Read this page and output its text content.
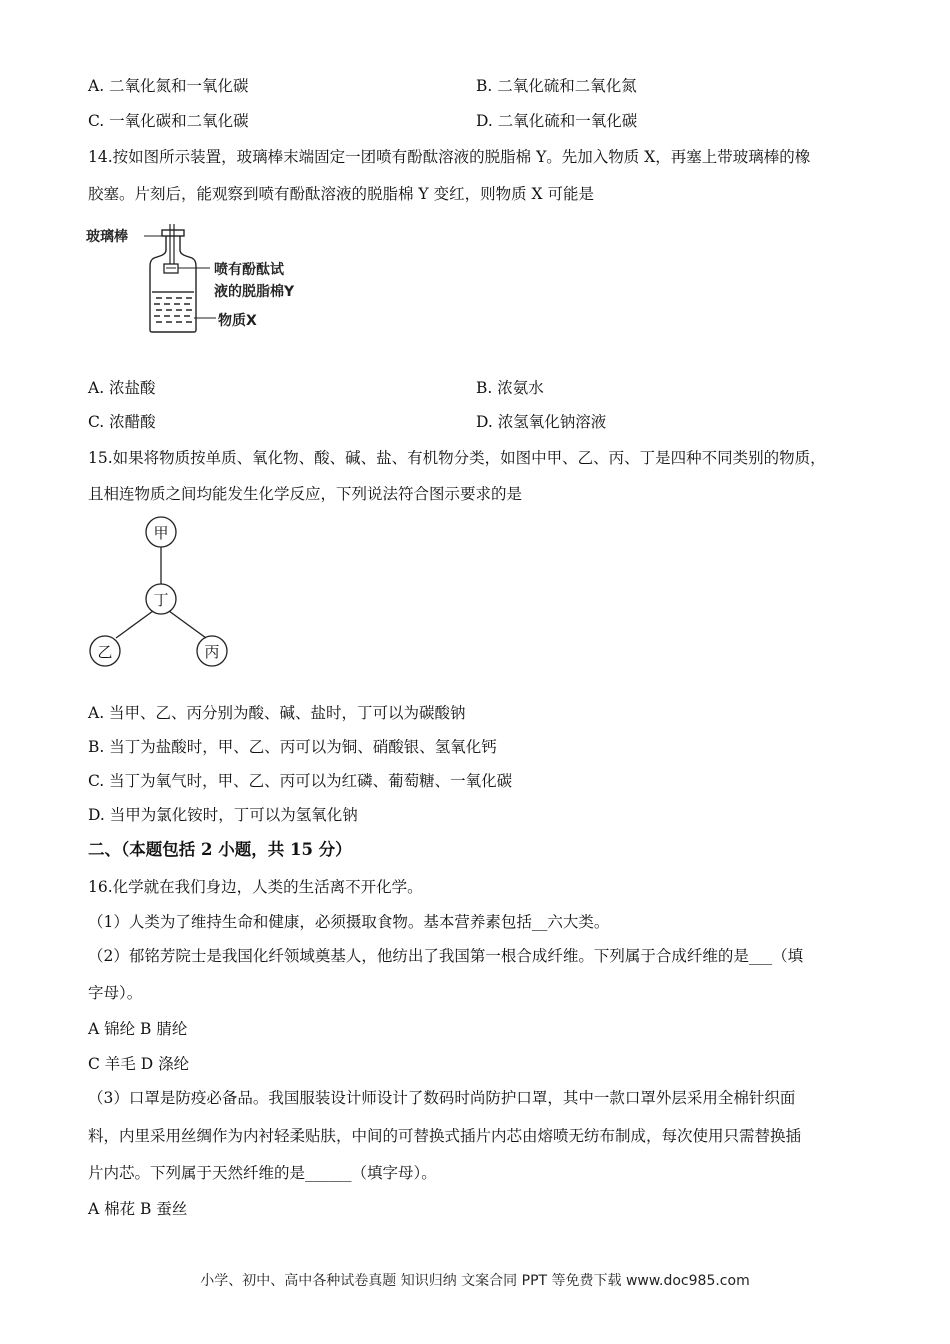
A. 二氧化氮和一氧化碳	B. 二氧化硫和二氧化氮
C. 一氧化碳和二氧化碳	D. 二氧化硫和一氧化碳
14.按如图所示装置，玻璃棒末端固定一团喷有酚酞溶液的脱脂棉 Y。先加入物质 X，再塞上带玻璃棒的橡
胶塞。片刻后，能观察到喷有酚酞溶液的脱脂棉 Y 变红，则物质 X 可能是
玻璃棒
喷有酚酞试
液的脱脂棉Y
物质X
A. 浓盐酸	B. 浓氨水
C. 浓醋酸	D. 浓氢氧化钠溶液
15.如果将物质按单质、氧化物、酸、碱、盐、有机物分类，如图中甲、乙、丙、丁是四种不同类别的物质，
且相连物质之间均能发生化学反应，下列说法符合图示要求的是
甲
丁
乙	丙
A. 当甲、乙、丙分别为酸、碱、盐时，丁可以为碳酸钠
B. 当丁为盐酸时，甲、乙、丙可以为铜、硝酸银、氢氧化钙
C. 当丁为氧气时，甲、乙、丙可以为红磷、葡萄糖、一氧化碳
D. 当甲为氯化铵时，丁可以为氢氧化钠
二、（本题包括 2 小题，共 15 分）
16.化学就在我们身边，人类的生活离不开化学。
（1）人类为了维持生命和健康，必须摄取食物。基本营养素包括__六大类。
（2）郁铭芳院士是我国化纤领域奠基人，他纺出了我国第一根合成纤维。下列属于合成纤维的是___（填
字母）。
A 锦纶 B 腈纶
C 羊毛 D 涤纶
（3）口罩是防疫必备品。我国服装设计师设计了数码时尚防护口罩，其中一款口罩外层采用全棉针织面
料，内里采用丝绸作为内衬轻柔贴肤，中间的可替换式插片内芯由熔喷无纺布制成，每次使用只需替换插
片内芯。下列属于天然纤维的是______（填字母）。
A 棉花 B 蚕丝
小学、初中、高中各种试卷真题 知识归纳 文案合同 PPT 等免费下载 www.doc985.com
